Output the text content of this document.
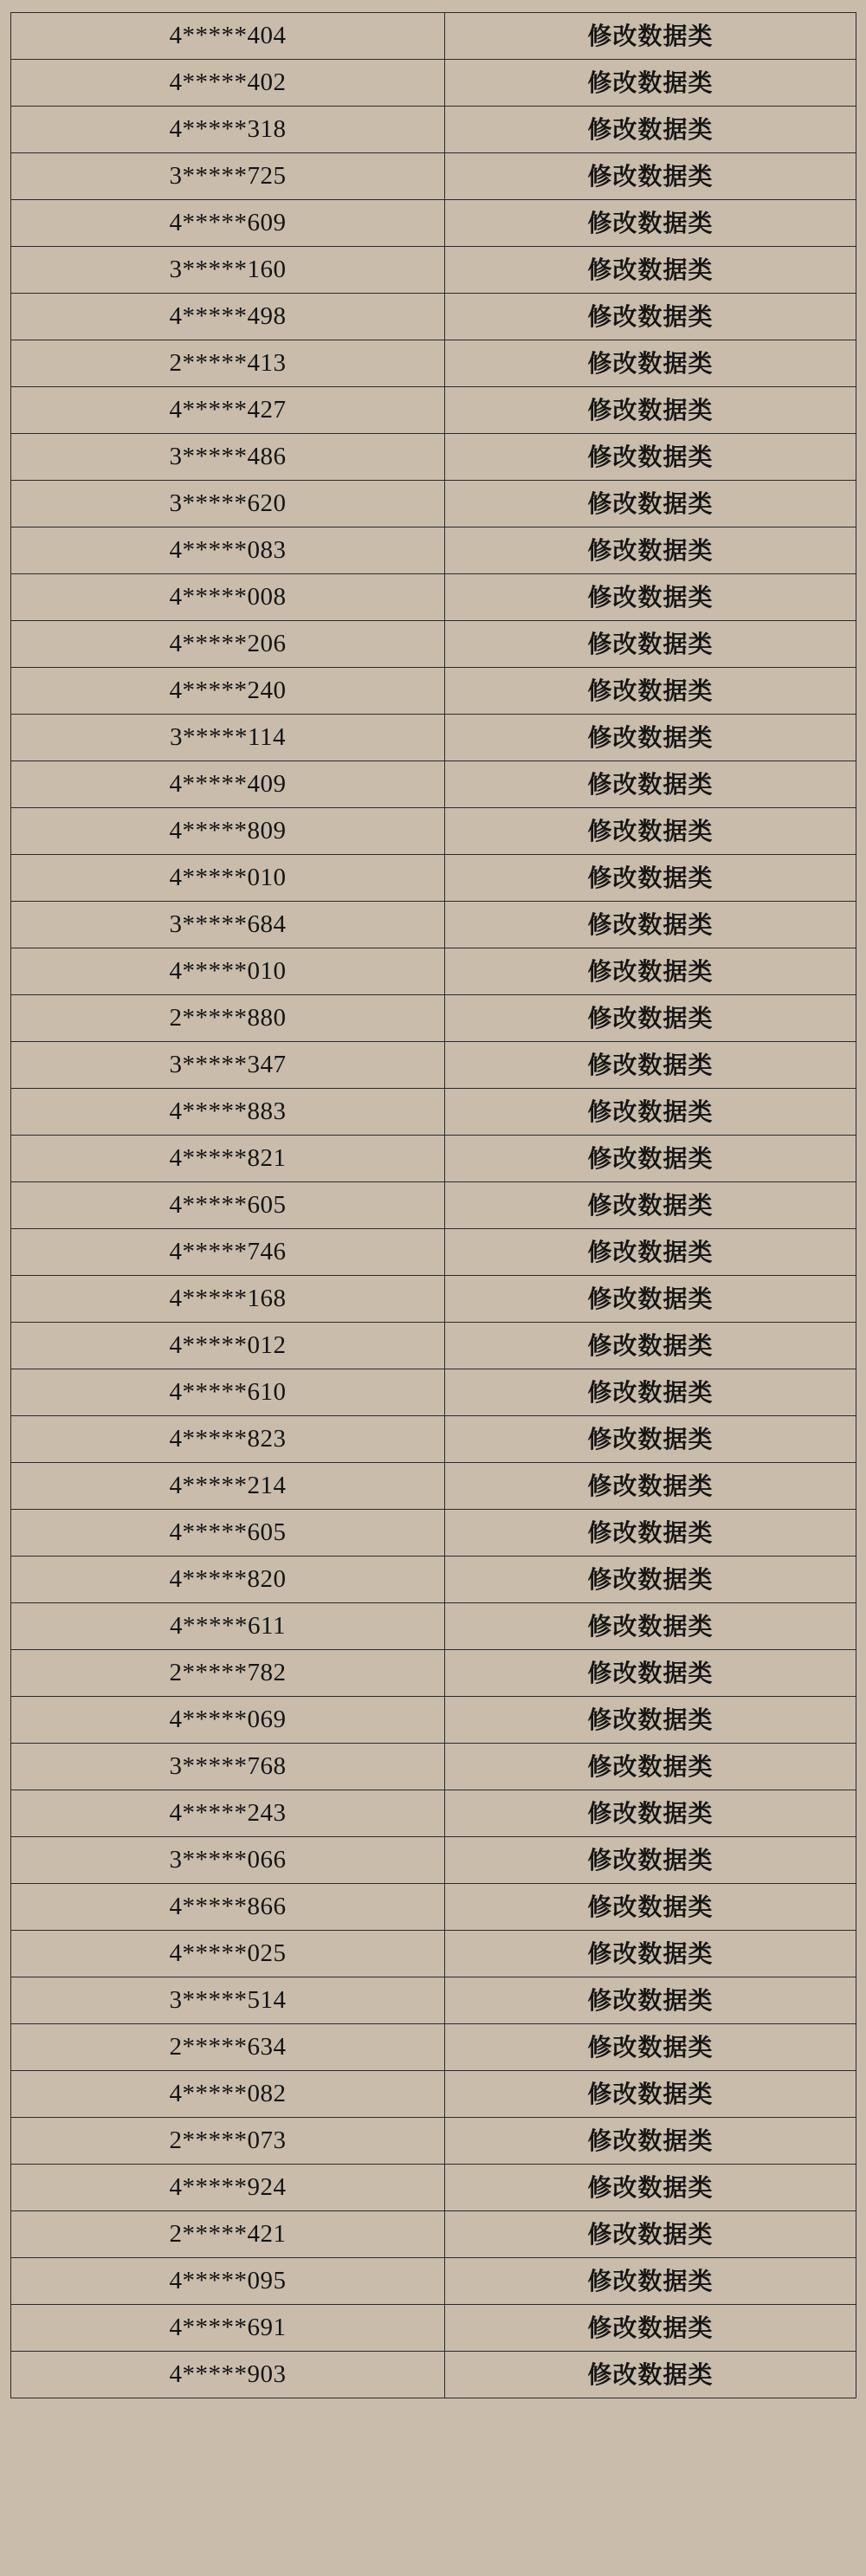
4*****404	修改数据类
4*****402	修改数据类
4*****318	修改数据类
3*****725	修改数据类
4*****609	修改数据类
3*****160	修改数据类
4*****498	修改数据类
2*****413	修改数据类
4*****427	修改数据类
3*****486	修改数据类
3*****620	修改数据类
4*****083	修改数据类
4*****008	修改数据类
4*****206	修改数据类
4*****240	修改数据类
3*****114	修改数据类
4*****409	修改数据类
4*****809	修改数据类
4*****010	修改数据类
3*****684	修改数据类
4*****010	修改数据类
2*****880	修改数据类
3*****347	修改数据类
4*****883	修改数据类
4*****821	修改数据类
4*****605	修改数据类
4*****746	修改数据类
4*****168	修改数据类
4*****012	修改数据类
4*****610	修改数据类
4*****823	修改数据类
4*****214	修改数据类
4*****605	修改数据类
4*****820	修改数据类
4*****611	修改数据类
2*****782	修改数据类
4*****069	修改数据类
3*****768	修改数据类
4*****243	修改数据类
3*****066	修改数据类
4*****866	修改数据类
4*****025	修改数据类
3*****514	修改数据类
2*****634	修改数据类
4*****082	修改数据类
2*****073	修改数据类
4*****924	修改数据类
2*****421	修改数据类
4*****095	修改数据类
4*****691	修改数据类
4*****903	修改数据类
